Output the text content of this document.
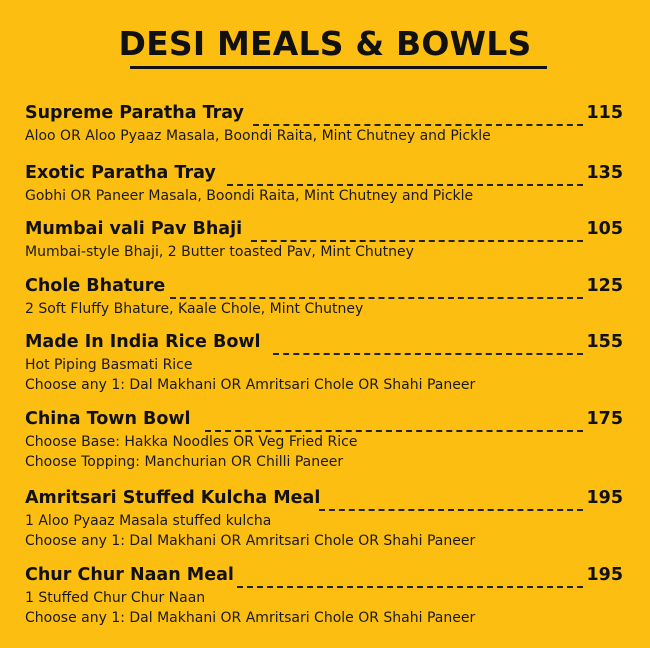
DESI MEALS & BOWLS
Supreme Paratha Tray	115
Aloo OR Aloo Pyaaz Masala, Boondi Raita, Mint Chutney and Pickle
Exotic Paratha Tray	135
Gobhi OR Paneer Masala, Boondi Raita, Mint Chutney and Pickle
Mumbai vali Pav Bhaji	105
Mumbai-style Bhaji, 2 Butter toasted Pav, Mint Chutney
Chole Bhature	125
2 Soft Fluffy Bhature, Kaale Chole, Mint Chutney
Made In India Rice Bowl	155
Hot Piping Basmati Rice
Choose any 1: Dal Makhani OR Amritsari Chole OR Shahi Paneer
China Town Bowl	175
Choose Base: Hakka Noodles OR Veg Fried Rice
Choose Topping: Manchurian OR Chilli Paneer
Amritsari Stuffed Kulcha Meal	195
1 Aloo Pyaaz Masala stuffed kulcha
Choose any 1: Dal Makhani OR Amritsari Chole OR Shahi Paneer
Chur Chur Naan Meal	195
1 Stuffed Chur Chur Naan
Choose any 1: Dal Makhani OR Amritsari Chole OR Shahi Paneer
